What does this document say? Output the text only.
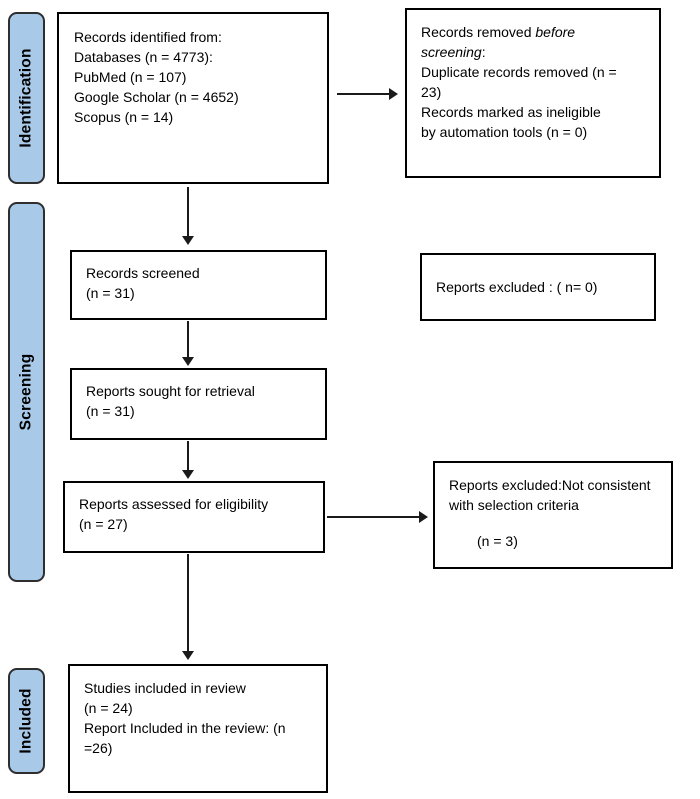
Identification
Screening
Included

Records identified from:

Databases (n = 4773):

PubMed (n = 107)

Google Scholar (n = 4652)

Scopus (n = 14)

Records removed before screening:

Duplicate records removed (n = 23)

Records marked as ineligible by automation tools (n = 0)

Records screened

(n = 31)	Reports excluded : ( n= 0)

Reports sought for retrieval

(n = 31)

Reports assessed for eligibility

(n = 27)

Reports excluded:Not consistent with selection criteria

(n = 3)

Studies included in review

(n = 24)

Report Included in the review: (n =26)
